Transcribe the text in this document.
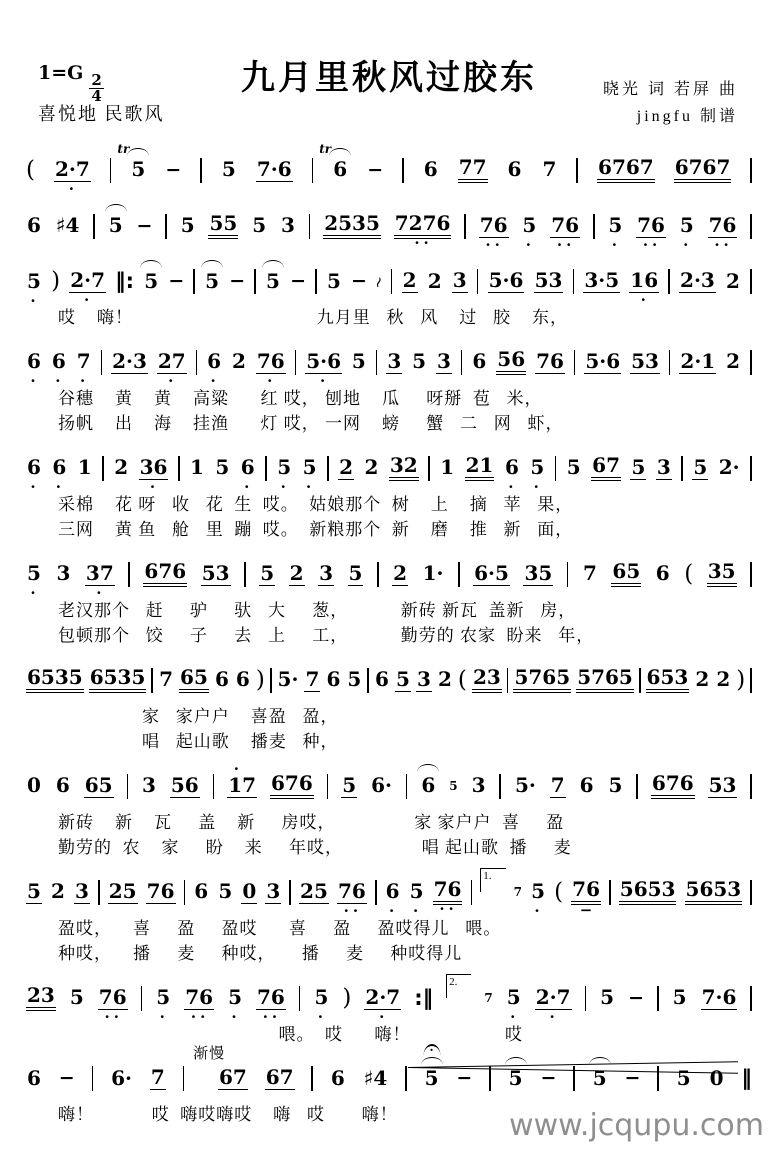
$1=G \frac{2}{4}$
喜悦地 民歌风
九月里秋风过胶东	晓光 词 若屏 曲
jingfu 制谱
( 2·7
·
5
tr
− 5 7·6 6
tr
− 6 77 6 7 6767 6767
6 ♯4 5 − 5 55 5 3 2535 7276
··
76
··
5
·
76
··
5
·
76
··
5
·
76
··
5
·
) 2·7
·
‖: 5 − 5 − 5 − 5 − ≀ 2 2 3 5·6 53 3·5 16
·
2·3 2
哎    嗨！                                   九月里   秋   风    过   胶    东，
6
·
6
·
7
·
2·3 27
·
6
·
2 76
·
5·6
·
5 3 5 3 6 56 76 5·6 53 2·1 2
谷穗    黄    黄    高粱      红 哎， 刨地    瓜     呀掰  苞   米，
扬帆    出    海    挂渔      灯 哎， 一网    螃     蟹   二   网   虾，
6
·
6
·
1 2 36
·
1 5 6
·
5
·
5
·
2 2 32 1 21 6
·
5
·
5 67 5 3 5 2·
采棉    花 呀   收   花  生  哎。  姑娘那个  树    上    摘   苹   果，
三网    黄 鱼   舱   里  蹦  哎。  新粮那个  新    磨    推   新   面，
5
·
3 37
·
676 53 5 2 3 5 2 1· 6·5 35 7 65 6 ( 35
老汉那个   赶     驴     驮   大     葱，          新砖 新瓦  盖新   房，
包顿那个   饺     子     去   上     工，          勤劳的 农家  盼来   年，
6535 6535 7 65 6 6 ) 5· 7 6 5 6 5 3 2 ( 23 5765 5765 653 2 2 )
家   家户户    喜盈   盈，
唱   起山歌    播麦   种，
0 6 65 3 56 17
·
676 5 6· 6 5 3 5· 7 6 5 676 53
新砖    新    瓦     盖    新     房哎，               家 家户户  喜     盈
勤劳的  农    家     盼    来     年哎，               唱 起山歌  播     麦
5 2 3 25 76 6 5 0 3 25 76
··
6
·
5
·
76
··
1.
7 5
·
( 76
−
5653 5653
盈哎，    喜     盈     盈哎      喜     盈     盈哎得儿   喂。
种哎，    播     麦     种哎，     播     麦     种哎得儿
23 5 76
··
5
·
76
··
5
·
76
··
5
·
) 2·7
·
:‖
2.
7 5
·
2·7
·
5 − 5 7·6
喂。  哎      嗨！                  哎
6 − 6· 7
渐慢
67 67 6 ♯4 5
·
− 5 − 5 − 5 0 ‖
嗨！           哎  嗨哎嗨哎    嗨   哎       嗨！	www.jcqupu.com
